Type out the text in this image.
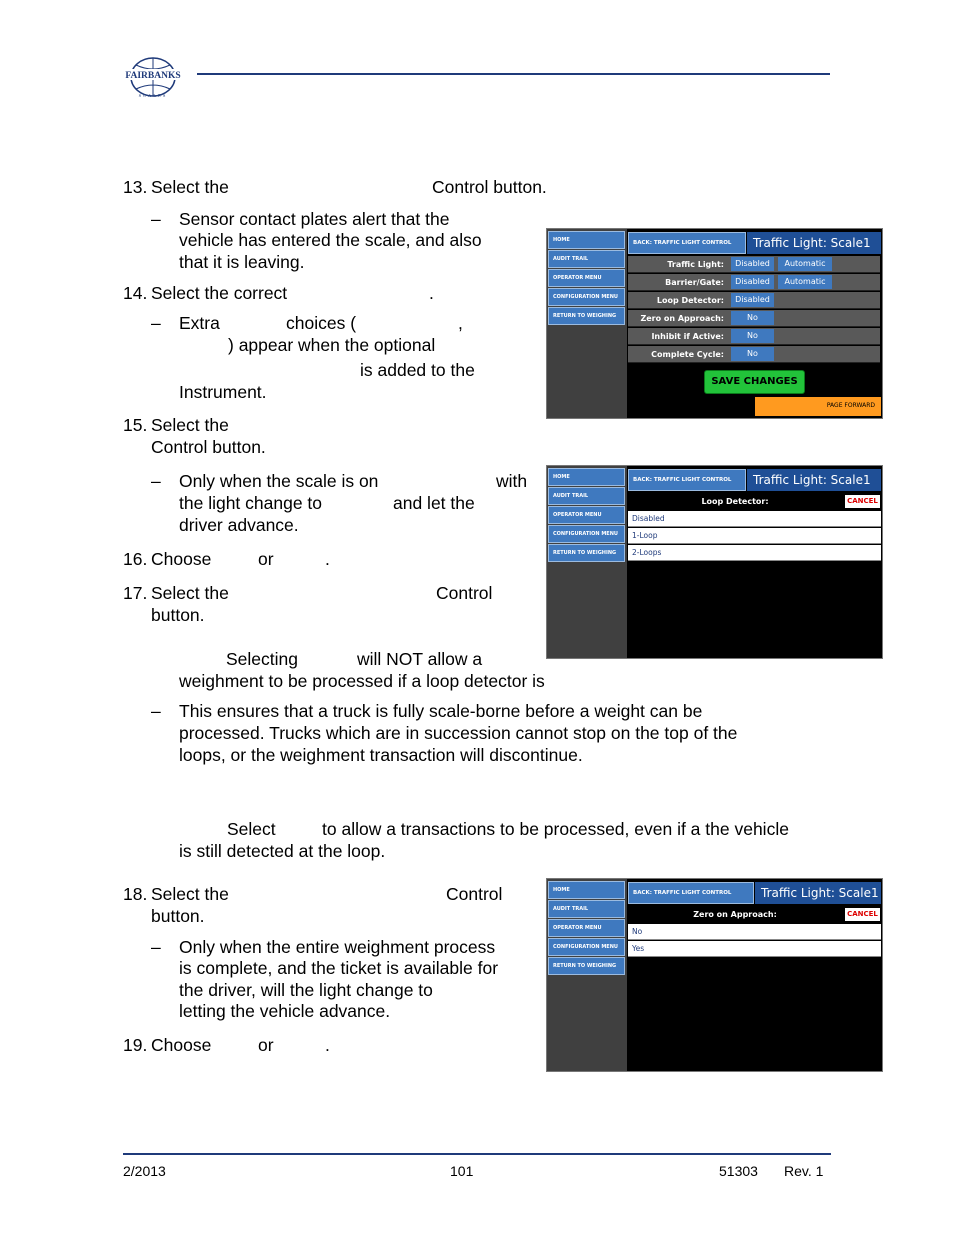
FAIRBANKS
SCALES
13. Select the	Control button.
– Sensor contact plates alert that the
vehicle has entered the scale, and also
that it is leaving.
14. Select the correct	.
– Extra	choices (	,
) appear when the optional
is added to the
Instrument.
15. Select the
Control button.
– Only when the scale is on	with
the light change to	and let the
driver advance.
16. Choose	or	.
17. Select the	Control
button.
Selecting	will NOT allow a
weighment to be processed if a loop detector is
– This ensures that a truck is fully scale-borne before a weight can be
processed. Trucks which are in succession cannot stop on the top of the
loops, or the weighment transaction will discontinue.
Select	to allow a transactions to be processed, even if a the vehicle
is still detected at the loop.
18. Select the	Control
button.
– Only when the entire weighment process
is complete, and the ticket is available for
the driver, will the light change to
letting the vehicle advance.
19. Choose	or	.
HOME
AUDIT TRAIL
OPERATOR MENU
CONFIGURATION MENU
RETURN TO WEIGHING
BACK: TRAFFIC LIGHT CONTROL	Traffic Light: Scale1
Traffic Light:	Disabled	Automatic
Barrier/Gate:	Disabled	Automatic
Loop Detector:	Disabled
Zero on Approach:	No
Inhibit if Active:	No
Complete Cycle:	No
SAVE CHANGES
PAGE FORWARD
HOME
AUDIT TRAIL
OPERATOR MENU
CONFIGURATION MENU
RETURN TO WEIGHING
BACK: TRAFFIC LIGHT CONTROL	Traffic Light: Scale1
Loop Detector:	CANCEL
Disabled
1-Loop
2-Loops
HOME
AUDIT TRAIL
OPERATOR MENU
CONFIGURATION MENU
RETURN TO WEIGHING
BACK: TRAFFIC LIGHT CONTROL	Traffic Light: Scale1
Zero on Approach:	CANCEL
No
Yes
2/2013	101	51303 Rev. 1
